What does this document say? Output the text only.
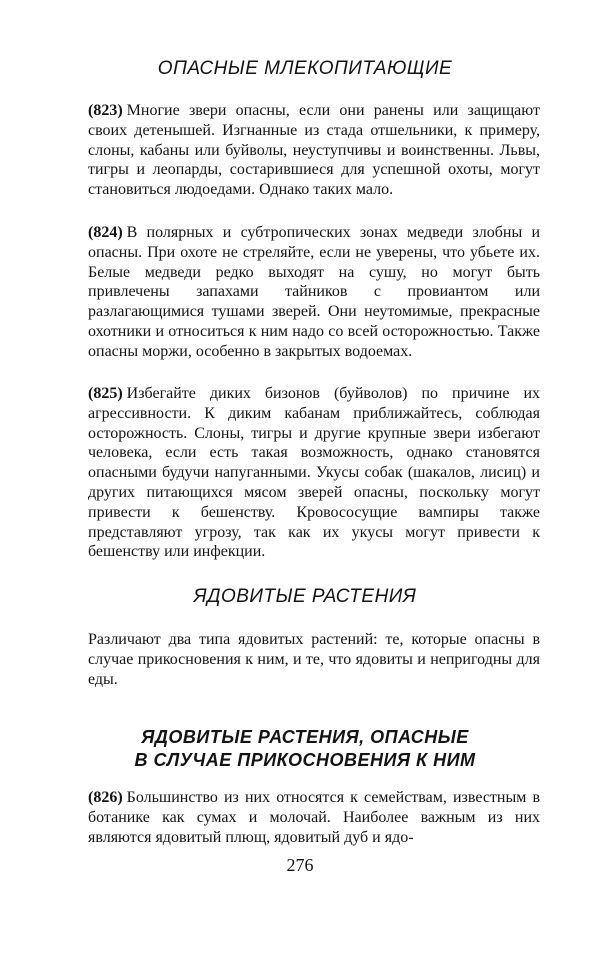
ОПАСНЫЕ МЛЕКОПИТАЮЩИЕ

(823) Многие звери опасны, если они ранены или защищают своих детенышей. Изгнанные из стада отшельники, к примеру, слоны, кабаны или буйволы, неуступчивы и воинственны. Львы, тигры и леопарды, состарившиеся для успешной охоты, могут становиться людоедами. Однако таких мало.

(824) В полярных и субтропических зонах медведи злобны и опасны. При охоте не стреляйте, если не уверены, что убьете их. Белые медведи редко выходят на сушу, но могут быть привлечены запахами тайников с провиантом или разлагающимися тушами зверей. Они неутомимые, прекрасные охотники и относиться к ним надо со всей осторожностью. Также опасны моржи, особенно в закрытых водоемах.

(825) Избегайте диких бизонов (буйволов) по причине их агрессивности. К диким кабанам приближайтесь, соблюдая осторожность. Слоны, тигры и другие крупные звери избегают человека, если есть такая возможность, однако становятся опасными будучи напуганными. Укусы собак (шакалов, лисиц) и других питающихся мясом зверей опасны, поскольку могут привести к бешенству. Кровососущие вампиры также представляют угрозу, так как их укусы могут привести к бешенству или инфекции.

ЯДОВИТЫЕ РАСТЕНИЯ

Различают два типа ядовитых растений: те, которые опасны в случае прикосновения к ним, и те, что ядовиты и непригодны для еды.

ЯДОВИТЫЕ РАСТЕНИЯ, ОПАСНЫЕ
В СЛУЧАЕ ПРИКОСНОВЕНИЯ К НИМ

(826) Большинство из них относятся к семействам, известным в ботанике как сумах и молочай. Наиболее важным из них являются ядовитый плющ, ядовитый дуб и ядо-

276
